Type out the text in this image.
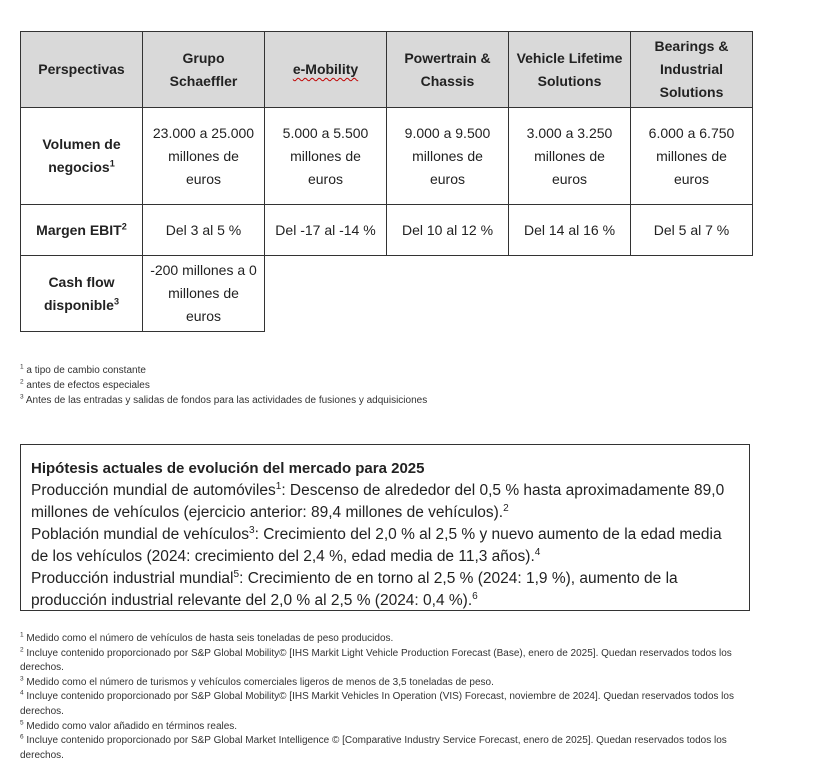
Perspectivas	Grupo Schaeffler	e-Mobility	Powertrain & Chassis	Vehicle Lifetime Solutions	Bearings & Industrial Solutions
Volumen de negocios$^1$	23.000 a 25.000 millones de euros	5.000 a 5.500 millones de euros	9.000 a 9.500 millones de euros	3.000 a 3.250 millones de euros	6.000 a 6.750 millones de euros
Margen EBIT$^2$	Del 3 al 5 %	Del -17 al -14 %	Del 10 al 12 %	Del 14 al 16 %	Del 5 al 7 %
Cash flow disponible$^3$	-200 millones a 0 millones de euros				
$^1$ a tipo de cambio constante
$^2$ antes de efectos especiales
$^3$ Antes de las entradas y salidas de fondos para las actividades de fusiones y adquisiciones
Hipótesis actuales de evolución del mercado para 2025

Producción mundial de automóviles$^1$: Descenso de alrededor del 0,5 % hasta aproximadamente 89,0 millones de vehículos (ejercicio anterior: 89,4 millones de vehículos).$^2$

Población mundial de vehículos$^3$: Crecimiento del 2,0 % al 2,5 % y nuevo aumento de la edad media de los vehículos (2024: crecimiento del 2,4 %, edad media de 11,3 años).$^4$

Producción industrial mundial$^5$: Crecimiento de en torno al 2,5 % (2024: 1,9 %), aumento de la producción industrial relevante del 2,0 % al 2,5 % (2024: 0,4 %).$^6$

$^1$ Medido como el número de vehículos de hasta seis toneladas de peso producidos.
$^2$ Incluye contenido proporcionado por S&P Global Mobility© [IHS Markit Light Vehicle Production Forecast (Base), enero de 2025]. Quedan reservados todos los derechos.
$^3$ Medido como el número de turismos y vehículos comerciales ligeros de menos de 3,5 toneladas de peso.
$^4$ Incluye contenido proporcionado por S&P Global Mobility© [IHS Markit Vehicles In Operation (VIS) Forecast, noviembre de 2024]. Quedan reservados todos los derechos.
$^5$ Medido como valor añadido en términos reales.
$^6$ Incluye contenido proporcionado por S&P Global Market Intelligence © [Comparative Industry Service Forecast, enero de 2025]. Quedan reservados todos los derechos.
